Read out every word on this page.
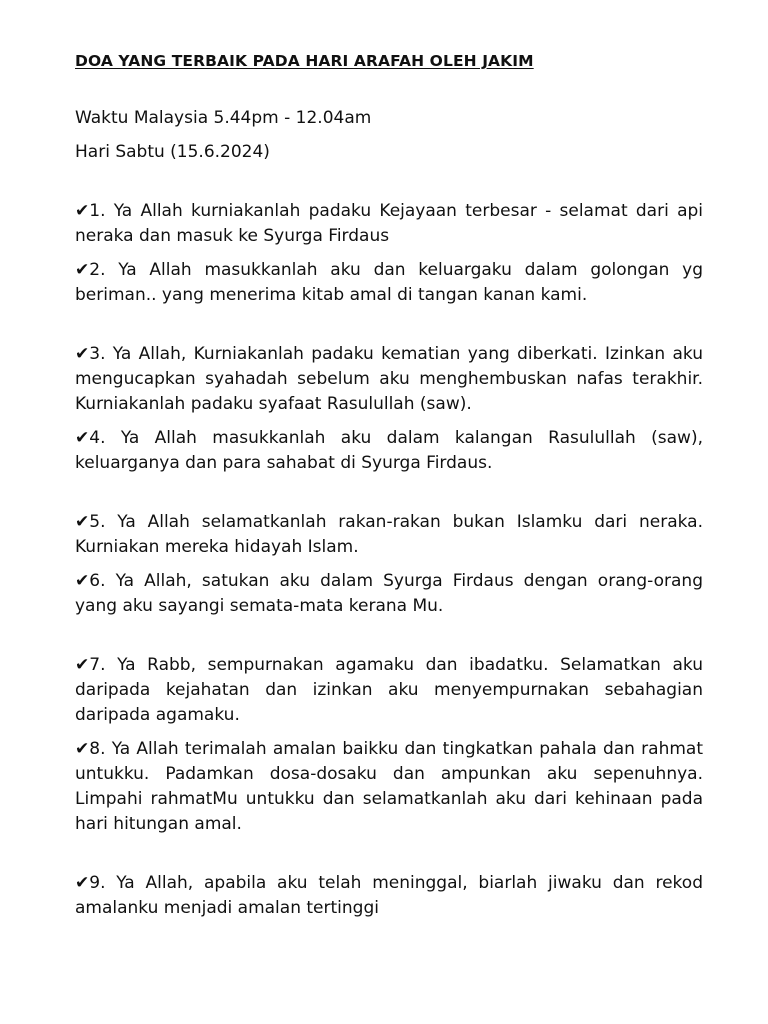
DOA YANG TERBAIK PADA HARI ARAFAH OLEH JAKIM

Waktu Malaysia 5.44pm - 12.04am

Hari Sabtu (15.6.2024)

✔1. Ya Allah kurniakanlah padaku Kejayaan terbesar - selamat dari api neraka dan masuk ke Syurga Firdaus

✔2. Ya Allah masukkanlah aku dan keluargaku dalam golongan yg beriman.. yang menerima kitab amal di tangan kanan kami.

✔3. Ya Allah, Kurniakanlah padaku kematian yang diberkati. Izinkan aku mengucapkan syahadah sebelum aku menghembuskan nafas terakhir. Kurniakanlah padaku syafaat Rasulullah (saw).

✔4. Ya Allah masukkanlah aku dalam kalangan Rasulullah (saw), keluarganya dan para sahabat di Syurga Firdaus.

✔5. Ya Allah selamatkanlah rakan-rakan bukan Islamku dari neraka. Kurniakan mereka hidayah Islam.

✔6. Ya Allah, satukan aku dalam Syurga Firdaus dengan orang-orang yang aku sayangi semata-mata kerana Mu.

✔7. Ya Rabb, sempurnakan agamaku dan ibadatku. Selamatkan aku daripada kejahatan dan izinkan aku menyempurnakan sebahagian daripada agamaku.

✔8. Ya Allah terimalah amalan baikku dan tingkatkan pahala dan rahmat untukku. Padamkan dosa-dosaku dan ampunkan aku sepenuhnya. Limpahi rahmatMu untukku dan selamatkanlah aku dari kehinaan pada hari hitungan amal.

✔9. Ya Allah, apabila aku telah meninggal, biarlah jiwaku dan rekod amalanku menjadi amalan tertinggi
